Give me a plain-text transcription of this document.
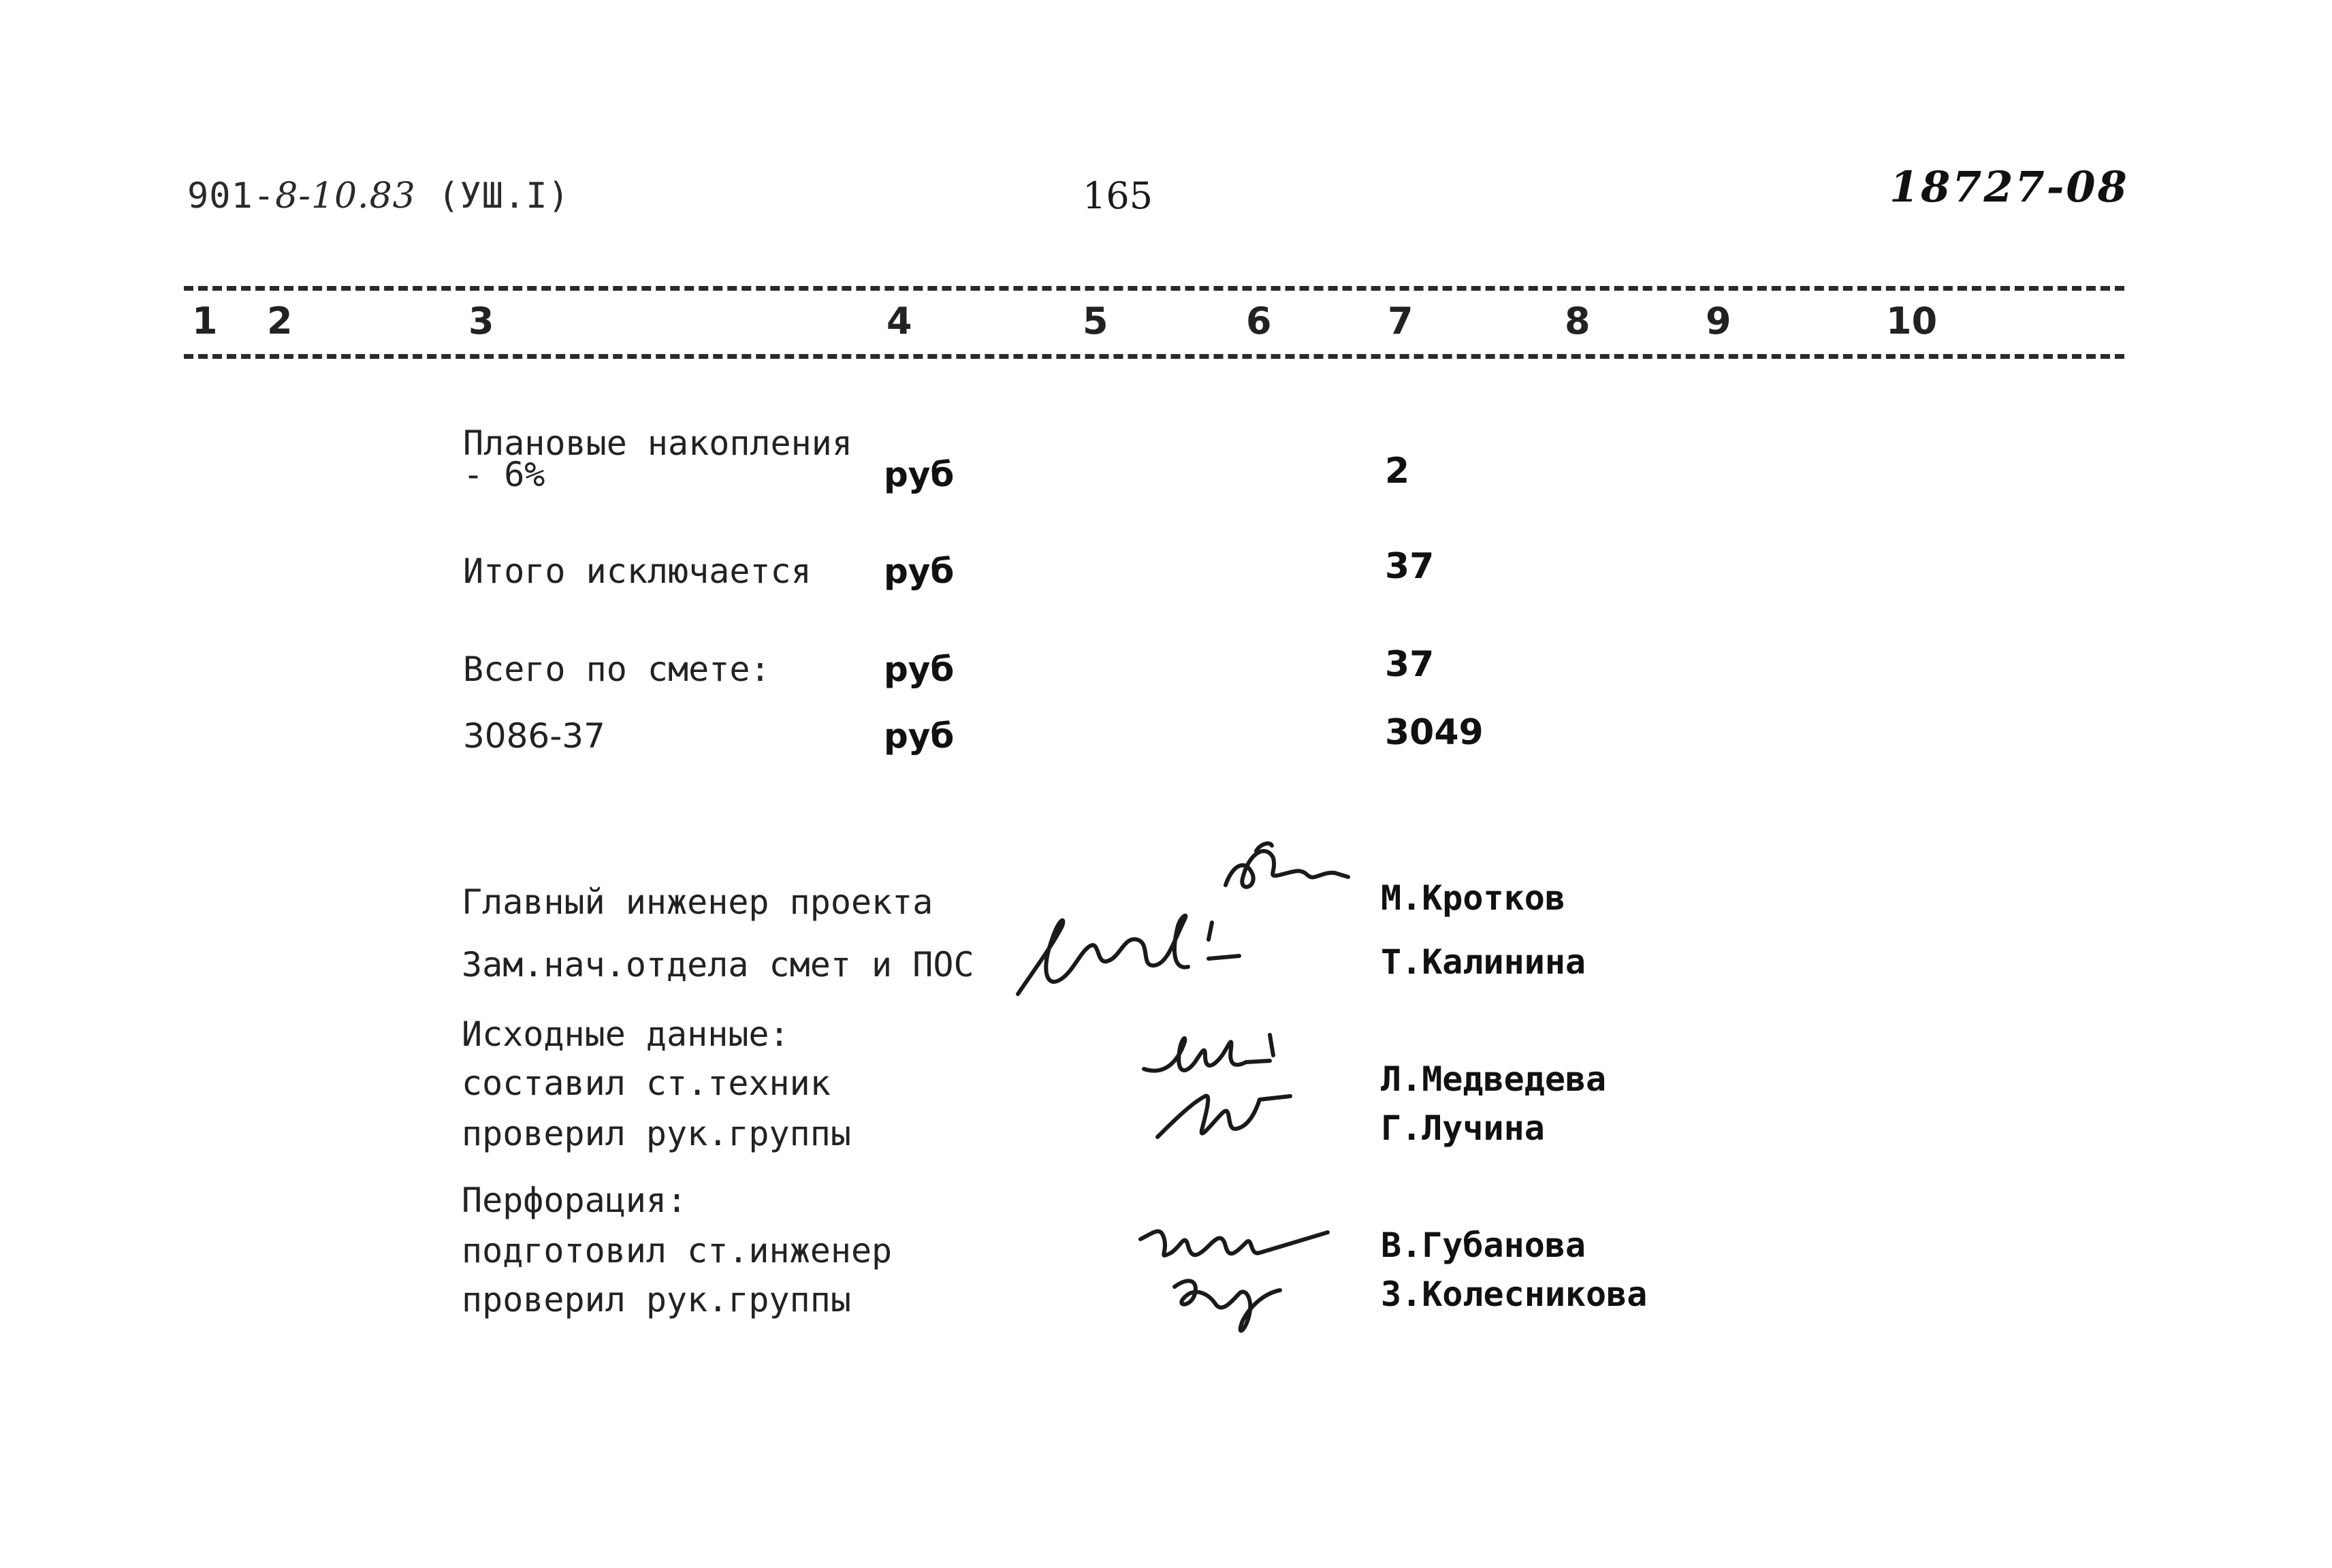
901-8-10.83 (УШ.I)	165	18727-08
1 2	3	4	5	6	7	8	9	10
Плановые накопления
- 6%	руб	2
Итого исключается руб	37
Всего по смете:	руб	37
3086-37	руб	3049
Главный инженер проекта	М.Кротков
Зам.нач.отдела смет и ПОС	Т.Калинина
Исходные данные:
составил ст.техник	Л.Медведева
проверил рук.группы	Г.Лучина
Перфорация:
подготовил ст.инженер	В.Губанова
проверил рук.группы	З.Колесникова
